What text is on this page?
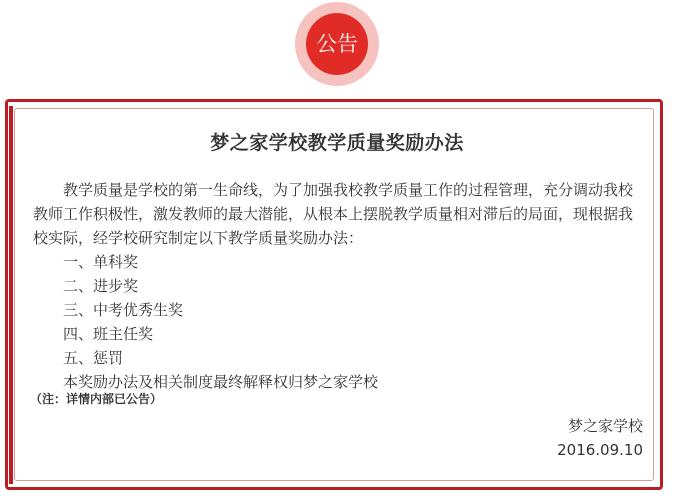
公告
梦之家学校教学质量奖励办法
教学质量是学校的第一生命线，为了加强我校教学质量工作的过程管理，充分调动我校教师工作积极性，激发教师的最大潜能，从根本上摆脱教学质量相对滞后的局面，现根据我校实际，经学校研究制定以下教学质量奖励办法：
一、单科奖
二、进步奖
三、中考优秀生奖
四、班主任奖
五、惩罚
本奖励办法及相关制度最终解释权归梦之家学校
（注：详情内部已公告）
梦之家学校
2016.09.10
